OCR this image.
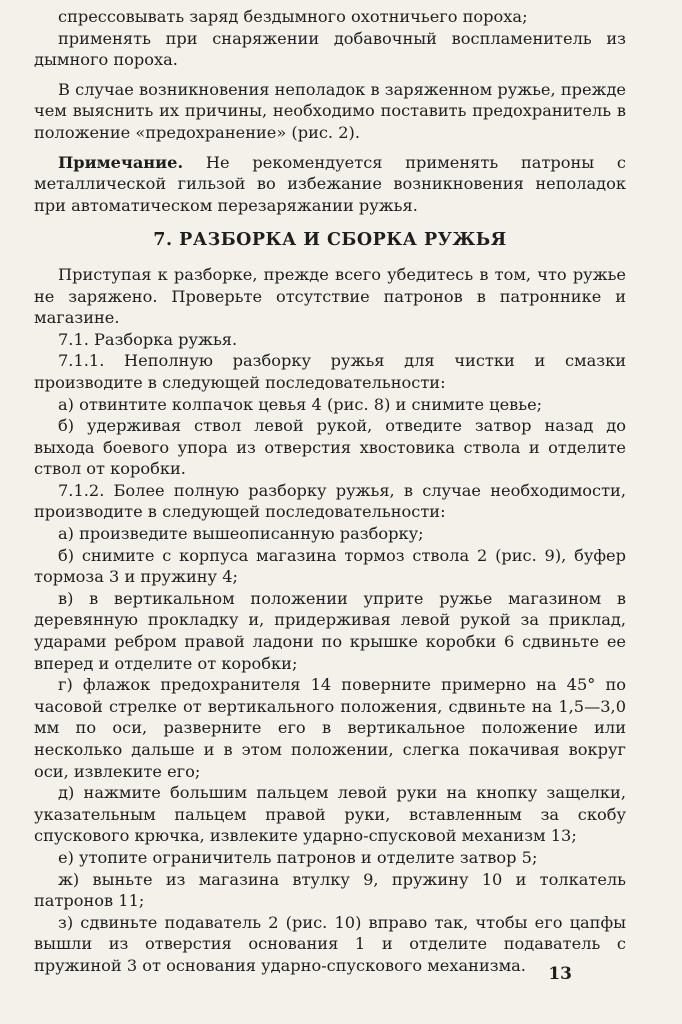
спрессовывать заряд бездымного охотничьего пороха;

применять при снаряжении добавочный воспламенитель из дымного пороха.

В случае возникновения неполадок в заряженном ружье, прежде чем выяснить их причины, необходимо поставить предохранитель в положение «предохранение» (рис. 2).

Примечание. Не рекомендуется применять патроны с металлической гильзой во избежание возникновения неполадок при автоматическом перезаряжании ружья.

7. РАЗБОРКА И СБОРКА РУЖЬЯ

Приступая к разборке, прежде всего убедитесь в том, что ружье не заряжено. Проверьте отсутствие патронов в патроннике и магазине.

7.1. Разборка ружья.

7.1.1. Неполную разборку ружья для чистки и смазки производите в следующей последовательности:

а) отвинтите колпачок цевья 4 (рис. 8) и снимите цевье;

б) удерживая ствол левой рукой, отведите затвор назад до выхода боевого упора из отверстия хвостовика ствола и отделите ствол от коробки.

7.1.2. Более полную разборку ружья, в случае необходимости, производите в следующей последовательности:

а) произведите вышеописанную разборку;

б) снимите с корпуса магазина тормоз ствола 2 (рис. 9), буфер тормоза 3 и пружину 4;

в) в вертикальном положении уприте ружье магазином в деревянную прокладку и, придерживая левой рукой за приклад, ударами ребром правой ладони по крышке коробки 6 сдвиньте ее вперед и отделите от коробки;

г) флажок предохранителя 14 поверните примерно на 45° по часовой стрелке от вертикального положения, сдвиньте на 1,5—3,0 мм по оси, разверните его в вертикальное положение или несколько дальше и в этом положении, слегка покачивая вокруг оси, извлеките его;

д) нажмите большим пальцем левой руки на кнопку защелки, указательным пальцем правой руки, вставленным за скобу спускового крючка, извлеките ударно-спусковой механизм 13;

е) утопите ограничитель патронов и отделите затвор 5;

ж) выньте из магазина втулку 9, пружину 10 и толкатель патронов 11;

з) сдвиньте подаватель 2 (рис. 10) вправо так, чтобы его цапфы вышли из отверстия основания 1 и отделите подаватель с пружиной 3 от основания ударно-спускового механизма.	13
